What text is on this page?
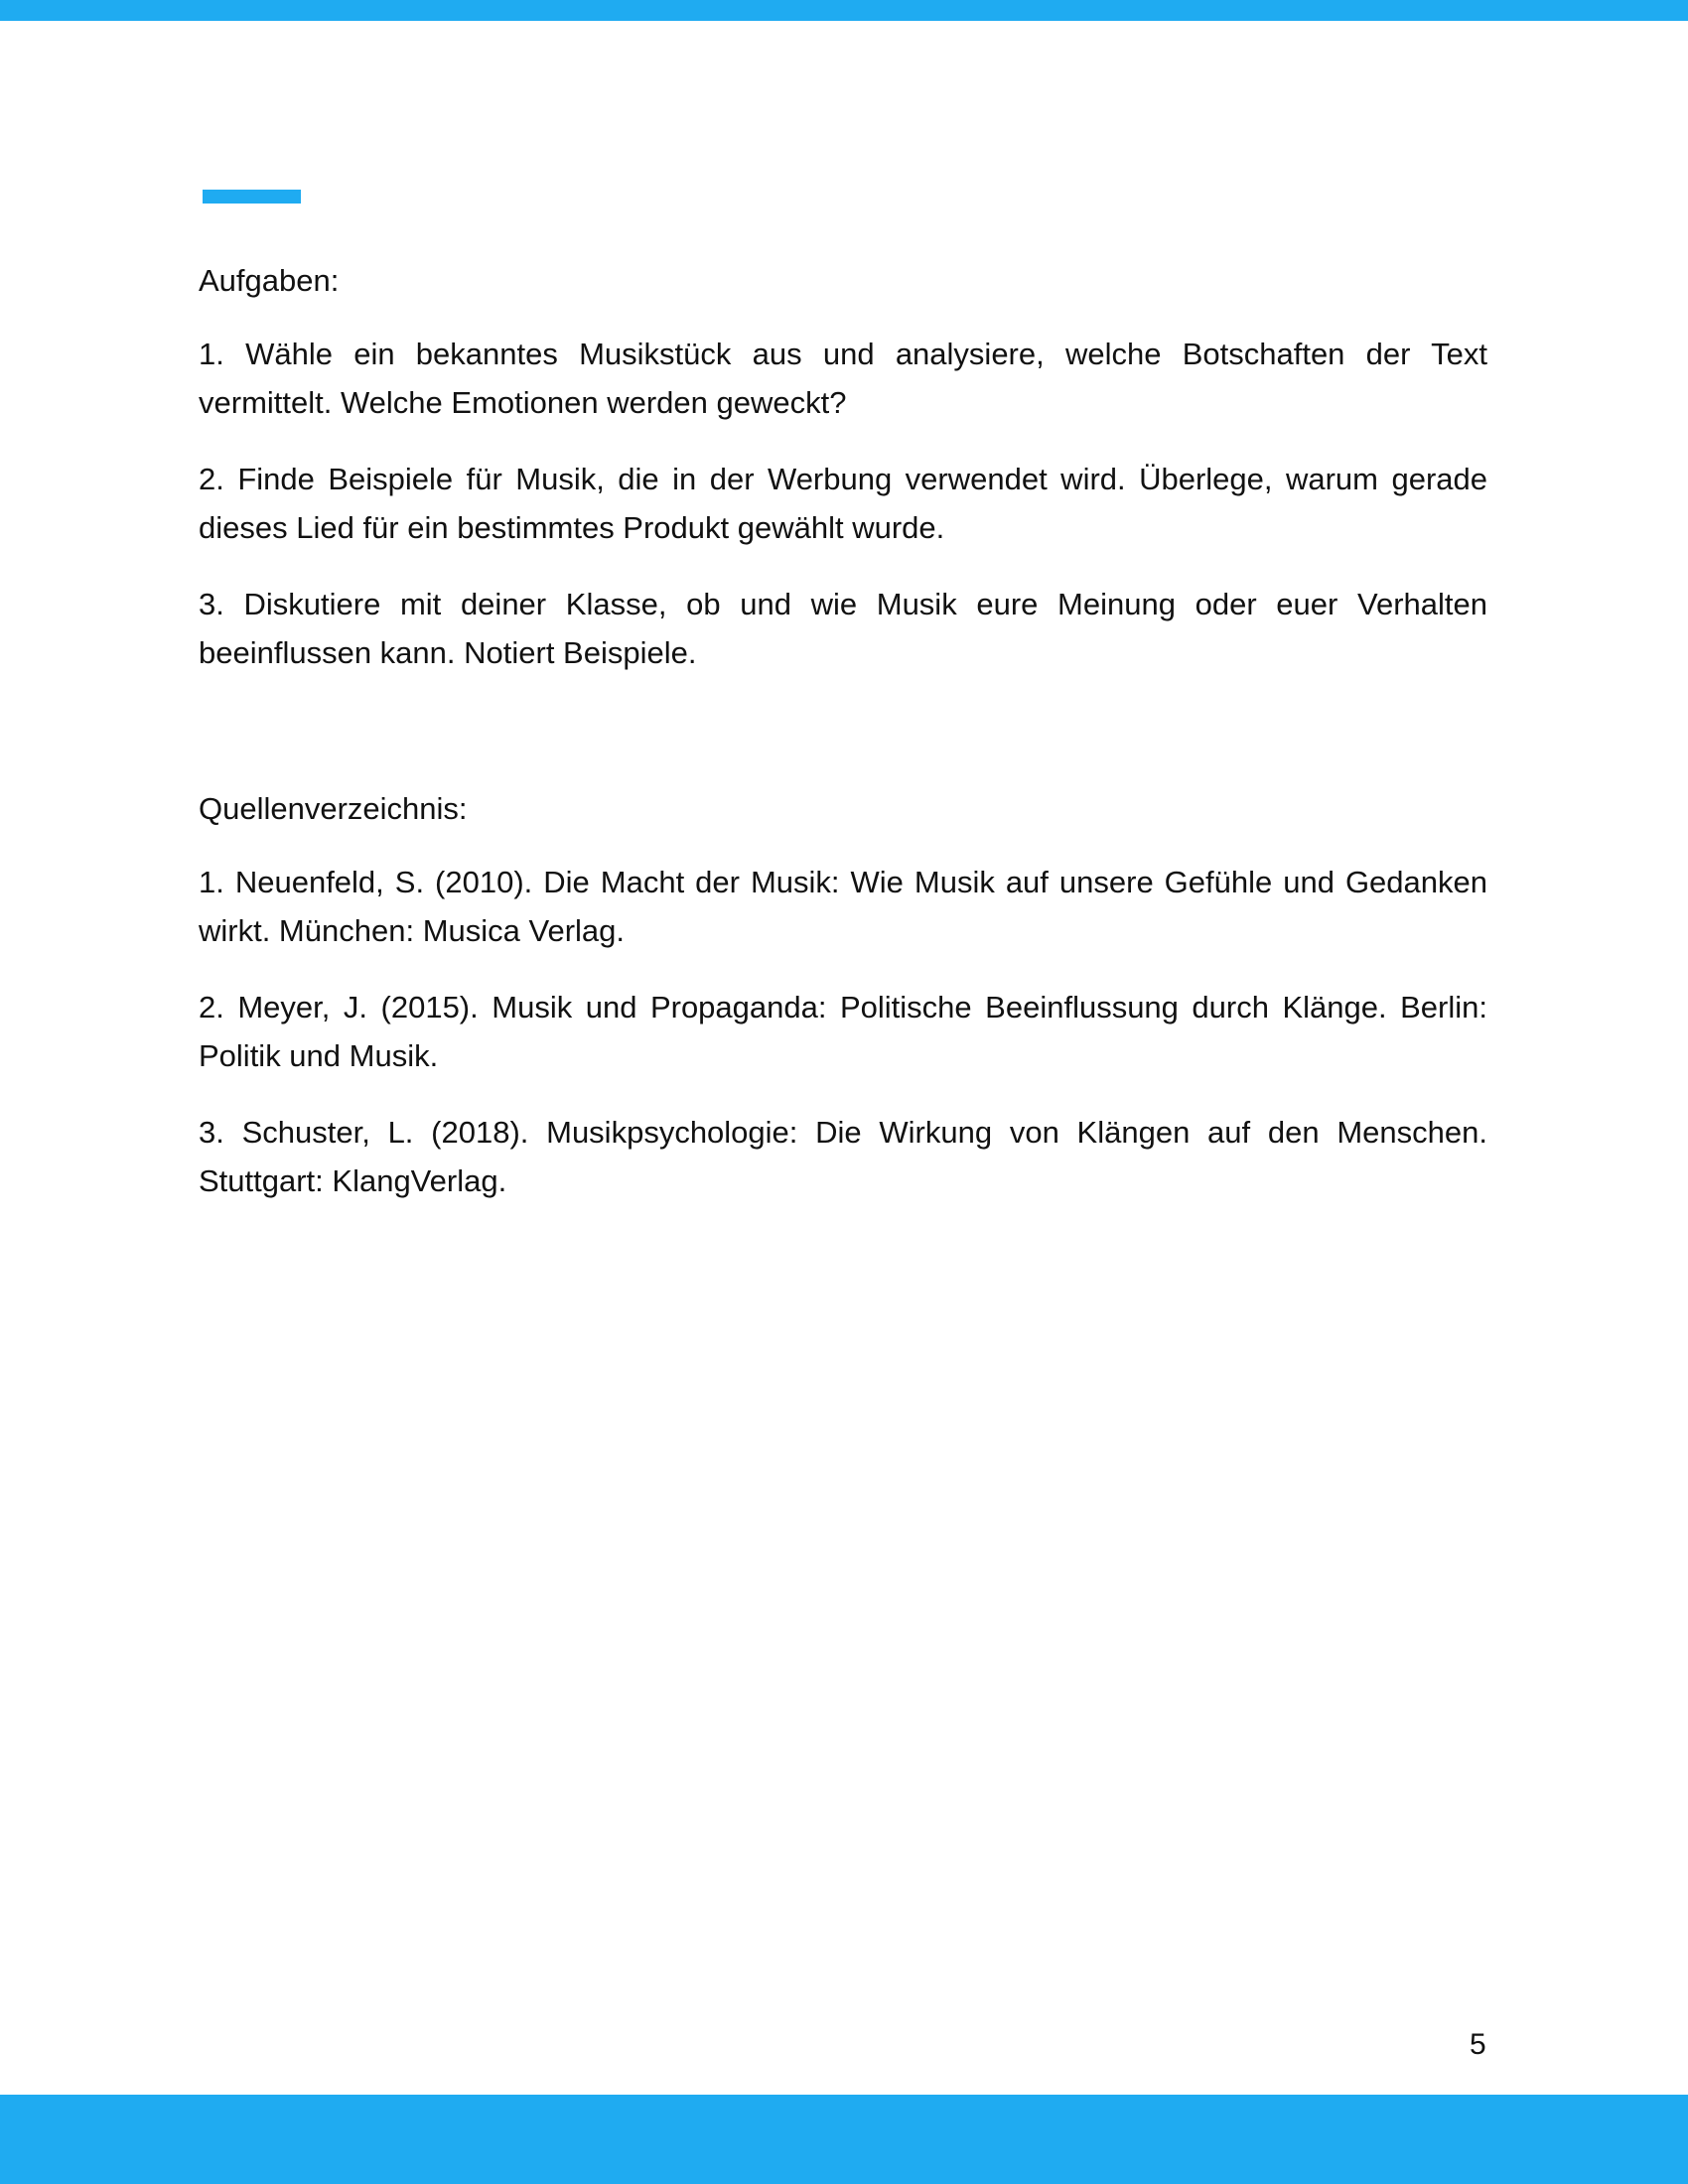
Aufgaben:

1. Wähle ein bekanntes Musikstück aus und analysiere, welche Botschaften der Text vermittelt. Welche Emotionen werden geweckt?

2. Finde Beispiele für Musik, die in der Werbung verwendet wird. Überlege, warum gerade dieses Lied für ein bestimmtes Produkt gewählt wurde.

3. Diskutiere mit deiner Klasse, ob und wie Musik eure Meinung oder euer Verhalten beeinflussen kann. Notiert Beispiele.

Quellenverzeichnis:

1. Neuenfeld, S. (2010). Die Macht der Musik: Wie Musik auf unsere Gefühle und Gedanken wirkt. München: Musica Verlag.

2. Meyer, J. (2015). Musik und Propaganda: Politische Beeinflussung durch Klänge. Berlin: Politik und Musik.

3. Schuster, L. (2018). Musikpsychologie: Die Wirkung von Klängen auf den Menschen. Stuttgart: KlangVerlag.

5
